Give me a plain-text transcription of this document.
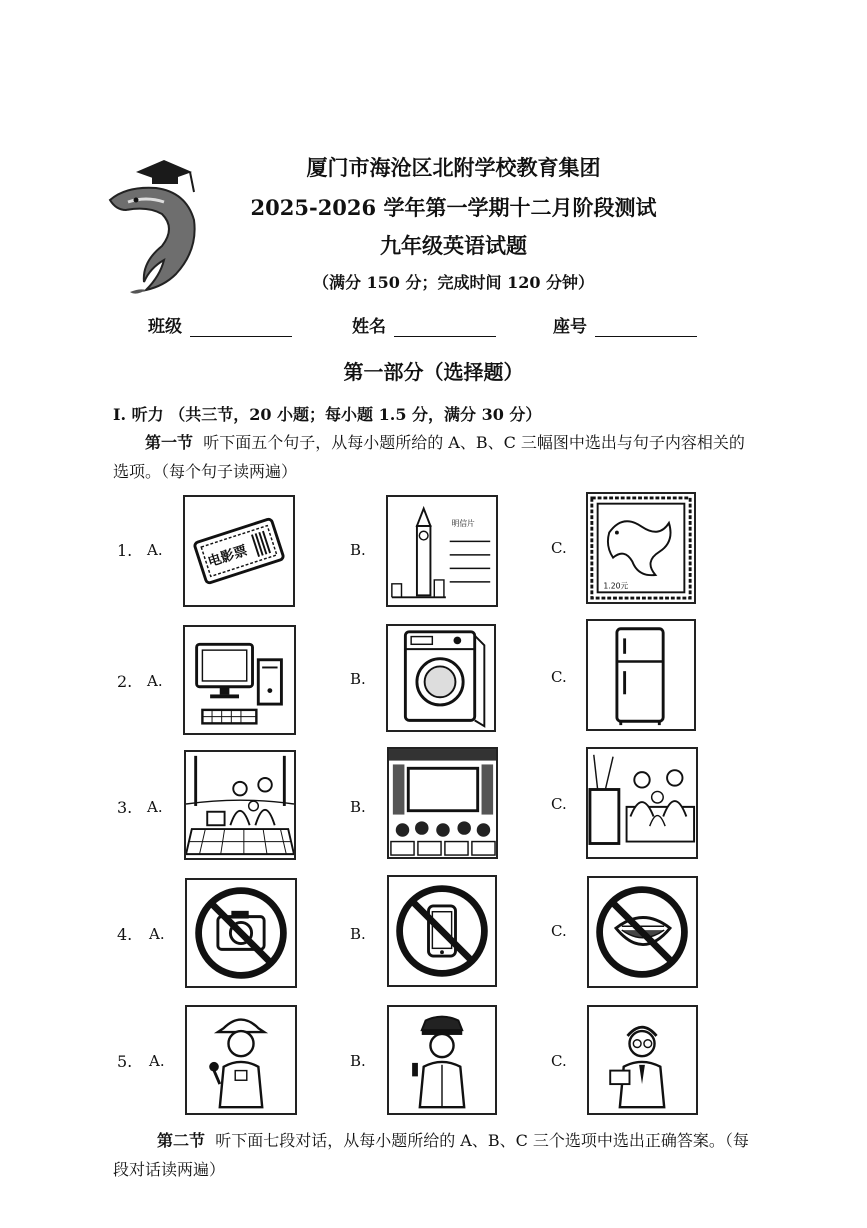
厦门市海沧区北附学校教育集团
2025-2026 学年第一学期十二月阶段测试
九年级英语试题
（满分 150 分；完成时间 120 分钟）
班级	姓名	座号
第一部分（选择题）
I. 听力 （共三节，20 小题；每小题 1.5 分，满分 30 分）
第一节 听下面五个句子，从每小题所给的 A、B、C 三幅图中选出与句子内容相关的选项。（每个句子读两遍）
1. A.	电影票	B.
明信片
C.
1.20元
2. A.	B.	C.
3. A.	B.	C.
4. A.	B.	C.
5. A.	B.	C.
第二节 听下面七段对话，从每小题所给的 A、B、C 三个选项中选出正确答案。（每段对话读两遍）
